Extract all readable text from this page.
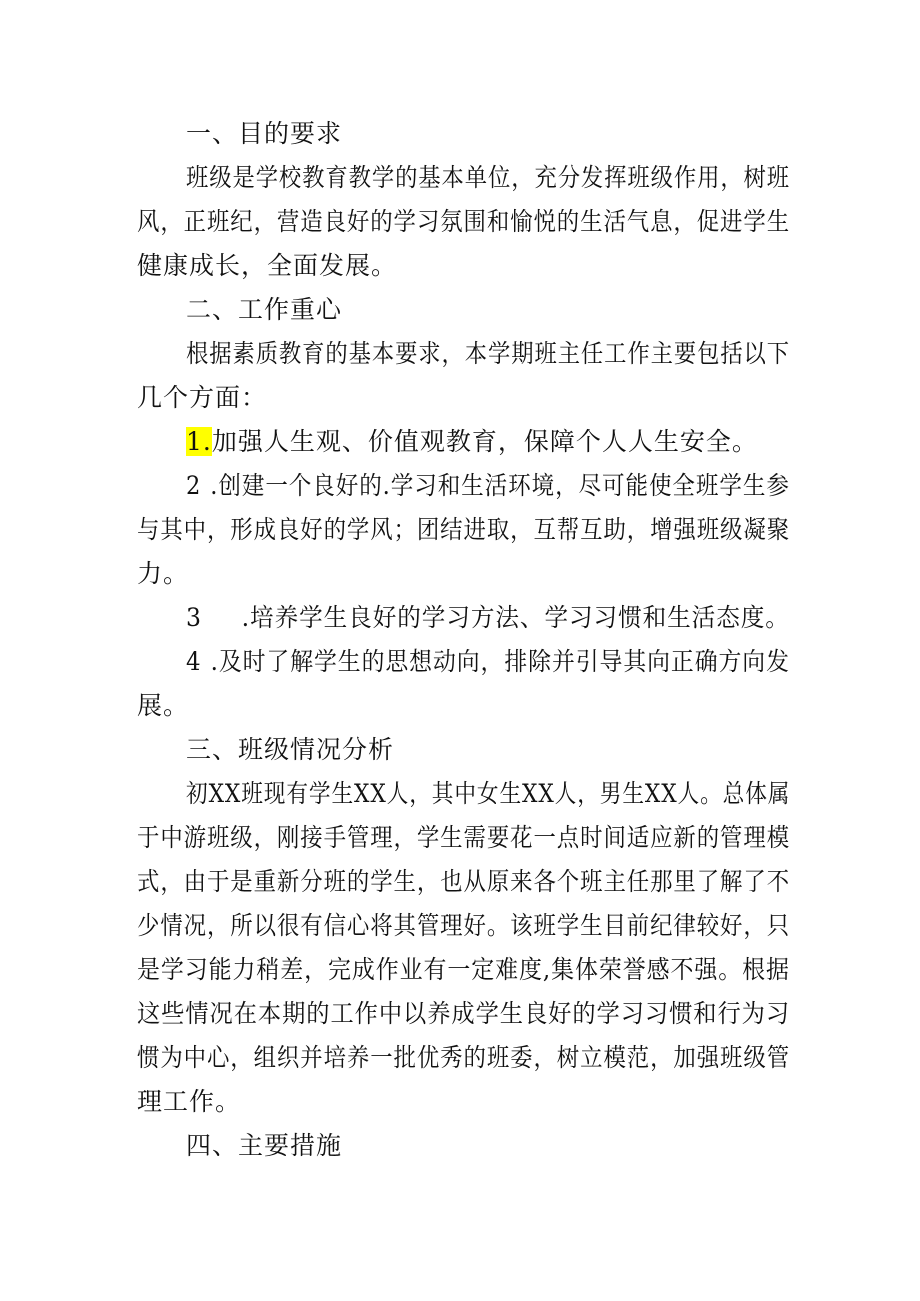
一、目的要求
班级是学校教育教学的基本单位，充分发挥班级作用，树班
风，正班纪，营造良好的学习氛围和愉悦的生活气息，促进学生
健康成长，全面发展。
二、工作重心
根据素质教育的基本要求，本学期班主任工作主要包括以下
几个方面：
1.加强人生观、价值观教育，保障个人人生安全。
2 .创建一个良好的.学习和生活环境，尽可能使全班学生参
与其中，形成良好的学风；团结进取，互帮互助，增强班级凝聚
力。
3 .培养学生良好的学习方法、学习习惯和生活态度。
4 .及时了解学生的思想动向，排除并引导其向正确方向发
展。
三、班级情况分析
初XX班现有学生XX人，其中女生XX人，男生XX人。总体属
于中游班级，刚接手管理，学生需要花一点时间适应新的管理模
式，由于是重新分班的学生，也从原来各个班主任那里了解了不
少情况，所以很有信心将其管理好。该班学生目前纪律较好，只
是学习能力稍差，完成作业有一定难度,集体荣誉感不强。根据
这些情况在本期的工作中以养成学生良好的学习习惯和行为习
惯为中心，组织并培养一批优秀的班委，树立模范，加强班级管
理工作。
四、主要措施
